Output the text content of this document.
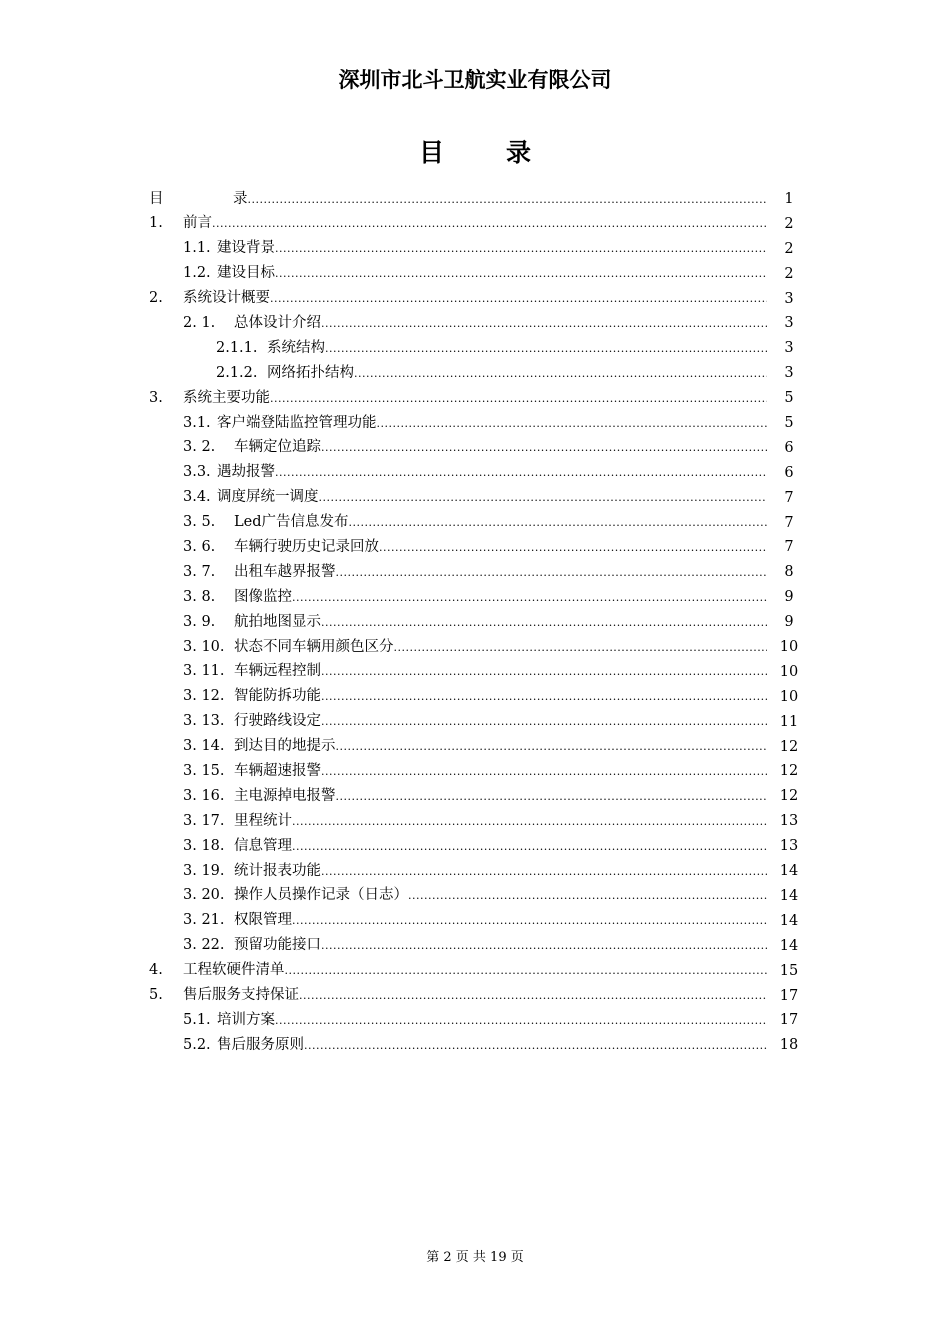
深圳市北斗卫航实业有限公司
目录
目	录 .....	1
1.	前言 .....	2
1.1. 建设背景 .....	2
1.2. 建设目标 .....	2
2.	系统设计概要 .....	3
2. 1.	总体设计介绍 .....	3
2.1.1. 系统结构 .....	3
2.1.2. 网络拓扑结构 .....	3
3.	系统主要功能 .....	5
3.1. 客户端登陆监控管理功能 .....	5
3. 2.	车辆定位追踪 .....	6
3.3. 遇劫报警 .....	6
3.4. 调度屏统一调度 .....	7
3. 5.	Led广告信息发布 .....	7
3. 6.	车辆行驶历史记录回放 .....	7
3. 7.	出租车越界报警 .....	8
3. 8.	图像监控 .....	9
3. 9.	航拍地图显示 .....	9
3. 10. 状态不同车辆用颜色区分 .....	10
3. 11. 车辆远程控制 .....	10
3. 12. 智能防拆功能 .....	10
3. 13. 行驶路线设定 .....	11
3. 14. 到达目的地提示 .....	12
3. 15. 车辆超速报警 .....	12
3. 16. 主电源掉电报警 .....	12
3. 17. 里程统计 .....	13
3. 18. 信息管理 .....	13
3. 19. 统计报表功能 .....	14
3. 20. 操作人员操作记录（日志） .....	14
3. 21. 权限管理 .....	14
3. 22. 预留功能接口 .....	14
4.	工程软硬件清单 .....	15
5.	售后服务支持保证 .....	17
5.1. 培训方案 .....	17
5.2. 售后服务原则 .....	18
第 2 页 共 19 页
